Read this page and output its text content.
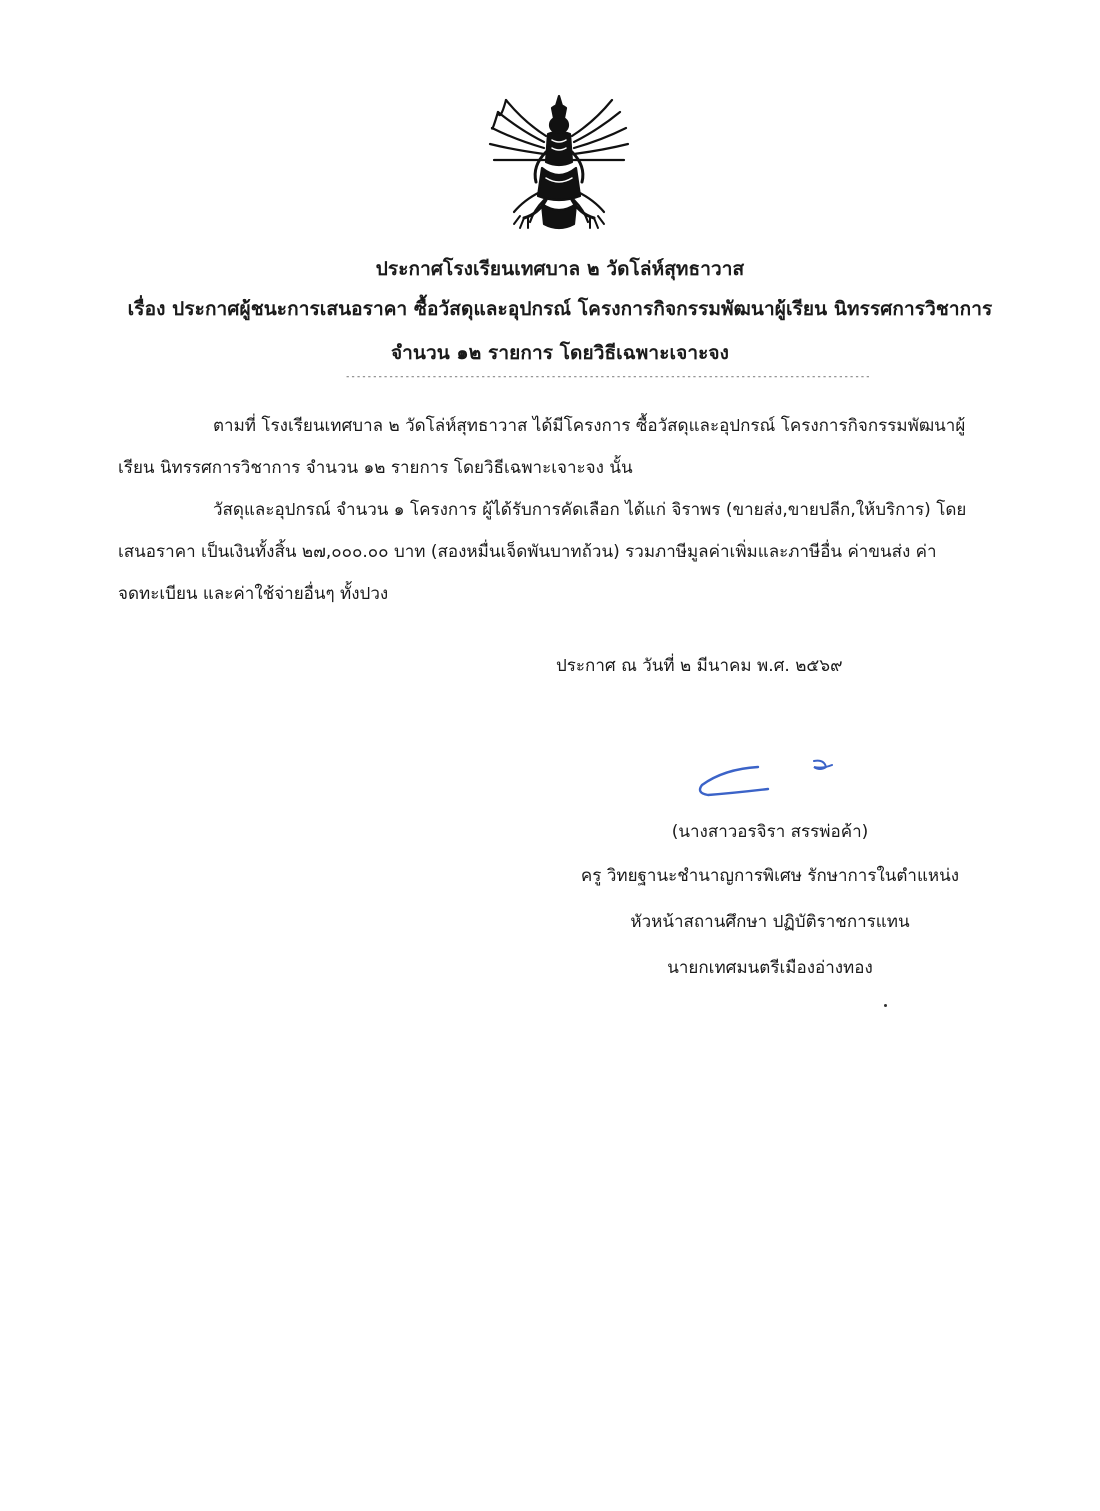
ประกาศโรงเรียนเทศบาล ๒ วัดโล่ห์สุทธาวาส
เรื่อง ประกาศผู้ชนะการเสนอราคา ซื้อวัสดุและอุปกรณ์ โครงการกิจกรรมพัฒนาผู้เรียน นิทรรศการวิชาการ
จำนวน ๑๒ รายการ โดยวิธีเฉพาะเจาะจง
-------------------------------------------------------------------------------------------------
ตามที่ โรงเรียนเทศบาล ๒ วัดโล่ห์สุทธาวาส ได้มีโครงการ ซื้อวัสดุและอุปกรณ์ โครงการกิจกรรมพัฒนาผู้
เรียน นิทรรศการวิชาการ จำนวน ๑๒ รายการ โดยวิธีเฉพาะเจาะจง นั้น
วัสดุและอุปกรณ์ จำนวน ๑ โครงการ ผู้ได้รับการคัดเลือก ได้แก่ จิราพร (ขายส่ง,ขายปลีก,ให้บริการ) โดย
เสนอราคา เป็นเงินทั้งสิ้น ๒๗,๐๐๐.๐๐ บาท (สองหมื่นเจ็ดพันบาทถ้วน) รวมภาษีมูลค่าเพิ่มและภาษีอื่น ค่าขนส่ง ค่า
จดทะเบียน และค่าใช้จ่ายอื่นๆ ทั้งปวง
ประกาศ ณ วันที่ ๒ มีนาคม พ.ศ. ๒๕๖๙
(นางสาวอรจิรา สรรพ่อค้า)
ครู วิทยฐานะชำนาญการพิเศษ รักษาการในตำแหน่ง
หัวหน้าสถานศึกษา ปฏิบัติราชการแทน
นายกเทศมนตรีเมืองอ่างทอง
